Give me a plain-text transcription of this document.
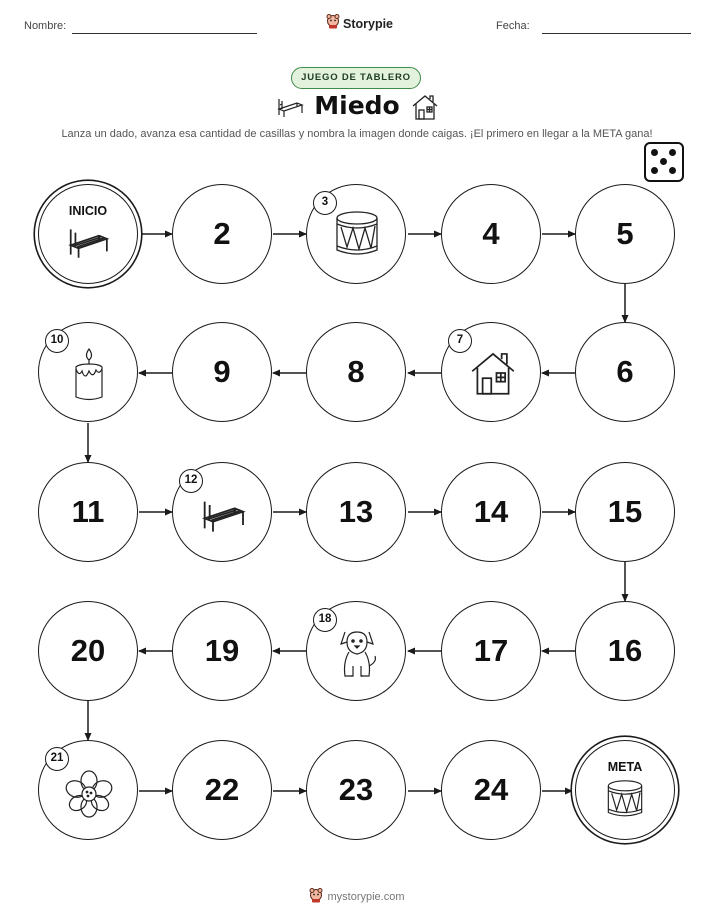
Nombre:	Fecha:
Storypie
JUEGO DE TABLERO
Miedo
Lanza un dado, avanza esa cantidad de casillas y nombra la imagen donde caigas. ¡El primero en llegar a la META gana!
INICIO
2
3
4	5
6
7
8
9
10
11
12
13	14	15
16
17
18
19
20
21
22	23	24
META
mystorypie.com
